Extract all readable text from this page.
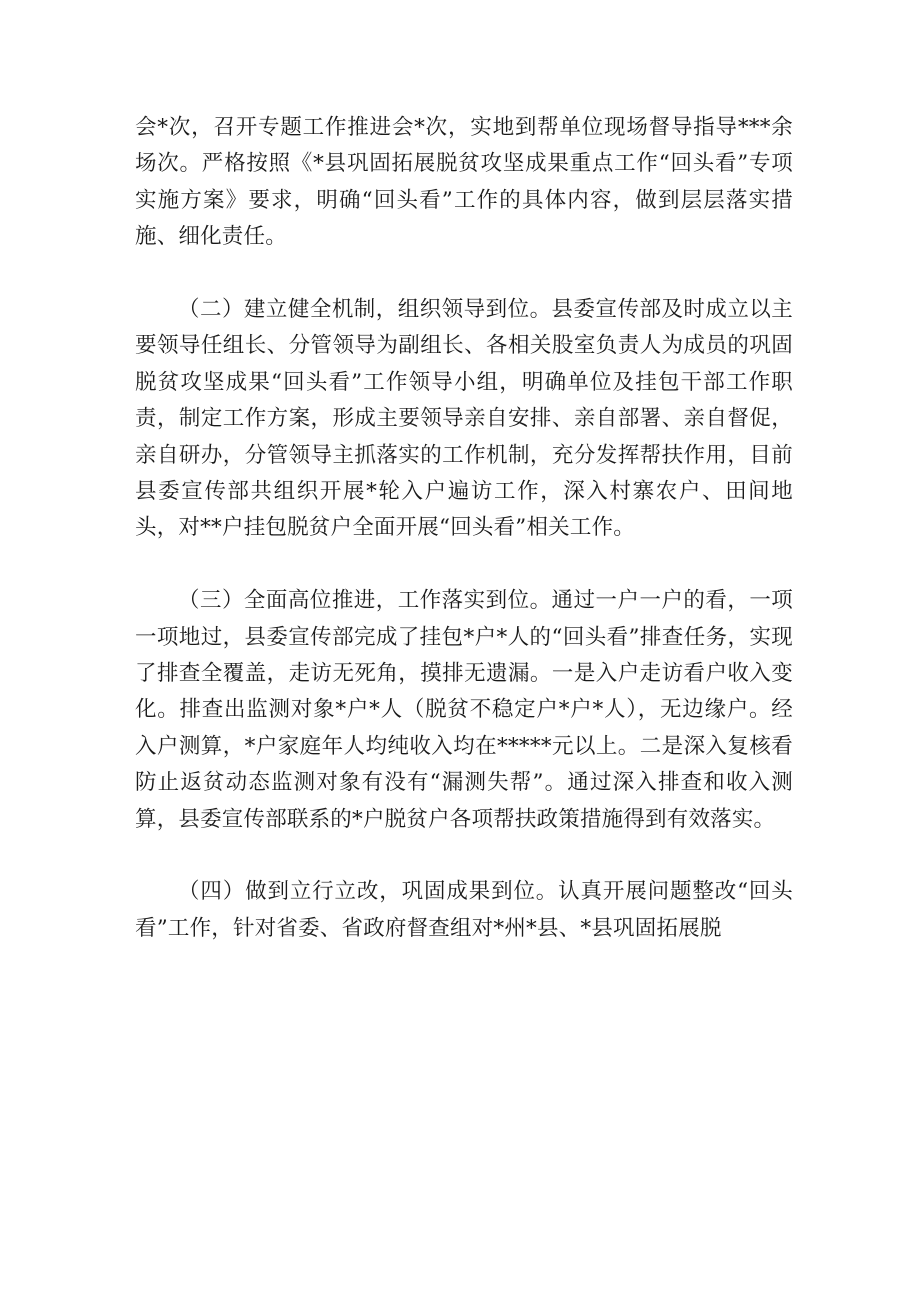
会*次，召开专题工作推进会*次，实地到帮单位现场督导指导***余场次。严格按照《*县巩固拓展脱贫攻坚成果重点工作“回头看”专项实施方案》要求，明确“回头看”工作的具体内容，做到层层落实措施、细化责任。

（二）建立健全机制，组织领导到位。县委宣传部及时成立以主要领导任组长、分管领导为副组长、各相关股室负责人为成员的巩固脱贫攻坚成果“回头看”工作领导小组，明确单位及挂包干部工作职责，制定工作方案，形成主要领导亲自安排、亲自部署、亲自督促，亲自研办，分管领导主抓落实的工作机制，充分发挥帮扶作用，目前县委宣传部共组织开展*轮入户遍访工作，深入村寨农户、田间地头，对**户挂包脱贫户全面开展“回头看”相关工作。

（三）全面高位推进，工作落实到位。通过一户一户的看，一项一项地过，县委宣传部完成了挂包*户*人的“回头看”排查任务，实现了排查全覆盖，走访无死角，摸排无遗漏。一是入户走访看户收入变化。排查出监测对象*户*人（脱贫不稳定户*户*人），无边缘户。经入户测算，*户家庭年人均纯收入均在*****元以上。二是深入复核看防止返贫动态监测对象有没有“漏测失帮”。通过深入排查和收入测算，县委宣传部联系的*户脱贫户各项帮扶政策措施得到有效落实。

（四）做到立行立改，巩固成果到位。认真开展问题整改“回头看”工作，针对省委、省政府督查组对*州*县、*县巩固拓展脱
